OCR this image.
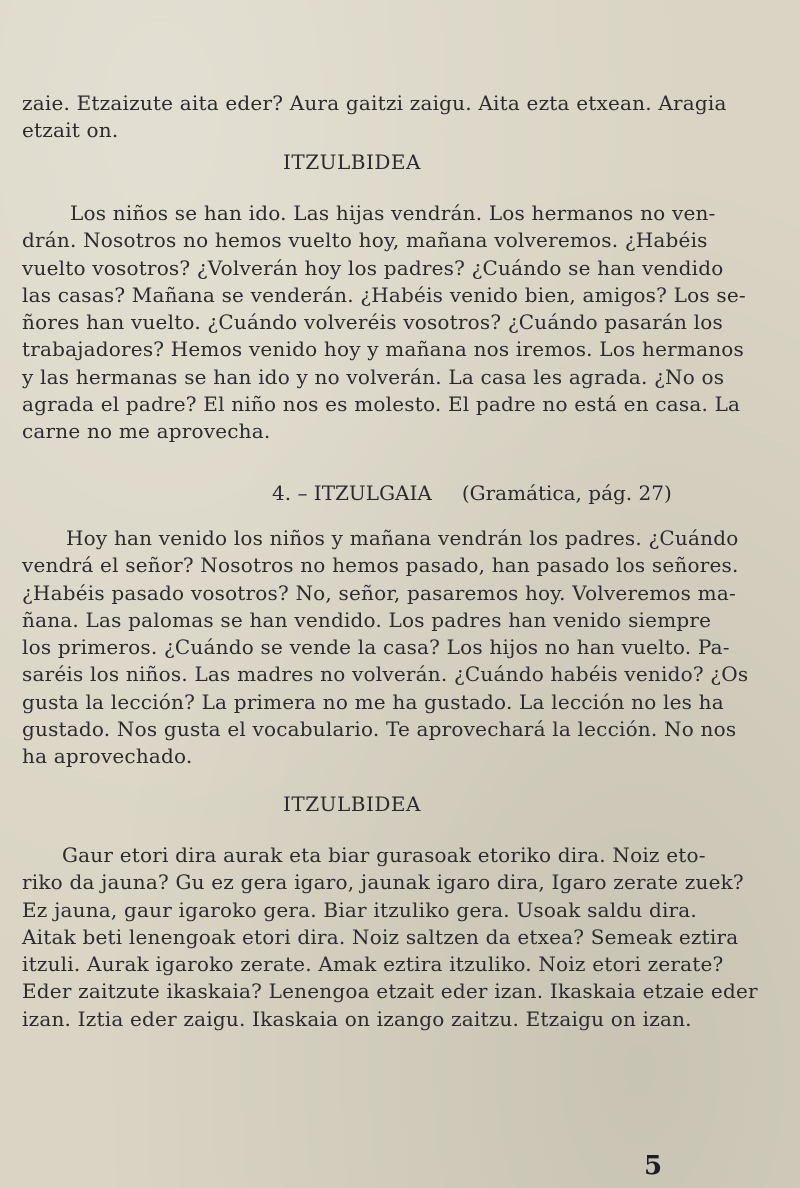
zaie. Etzaizute aita eder? Aura gaitzi zaigu. Aita ezta etxean. Aragia
etzait on.

ITZULBIDEA

Los niños se han ido. Las hijas vendrán. Los hermanos no ven-
drán. Nosotros no hemos vuelto hoy, mañana volveremos. ¿Habéis
vuelto vosotros? ¿Volverán hoy los padres? ¿Cuándo se han vendido
las casas? Mañana se venderán. ¿Habéis venido bien, amigos? Los se-
ñores han vuelto. ¿Cuándo volveréis vosotros? ¿Cuándo pasarán los
trabajadores? Hemos venido hoy y mañana nos iremos. Los hermanos
y las hermanas se han ido y no volverán. La casa les agrada. ¿No os
agrada el padre? El niño nos es molesto. El padre no está en casa. La
carne no me aprovecha.

4. – ITZULGAIA (Gramática, pág. 27)

Hoy han venido los niños y mañana vendrán los padres. ¿Cuándo
vendrá el señor? Nosotros no hemos pasado, han pasado los señores.
¿Habéis pasado vosotros? No, señor, pasaremos hoy. Volveremos ma-
ñana. Las palomas se han vendido. Los padres han venido siempre
los primeros. ¿Cuándo se vende la casa? Los hijos no han vuelto. Pa-
saréis los niños. Las madres no volverán. ¿Cuándo habéis venido? ¿Os
gusta la lección? La primera no me ha gustado. La lección no les ha
gustado. Nos gusta el vocabulario. Te aprovechará la lección. No nos
ha aprovechado.

ITZULBIDEA

Gaur etori dira aurak eta biar gurasoak etoriko dira. Noiz eto-
riko da jauna? Gu ez gera igaro, jaunak igaro dira, Igaro zerate zuek?
Ez jauna, gaur igaroko gera. Biar itzuliko gera. Usoak saldu dira.
Aitak beti lenengoak etori dira. Noiz saltzen da etxea? Semeak eztira
itzuli. Aurak igaroko zerate. Amak eztira itzuliko. Noiz etori zerate?
Eder zaitzute ikaskaia? Lenengoa etzait eder izan. Ikaskaia etzaie eder
izan. Iztia eder zaigu. Ikaskaia on izango zaitzu. Etzaigu on izan.

5
